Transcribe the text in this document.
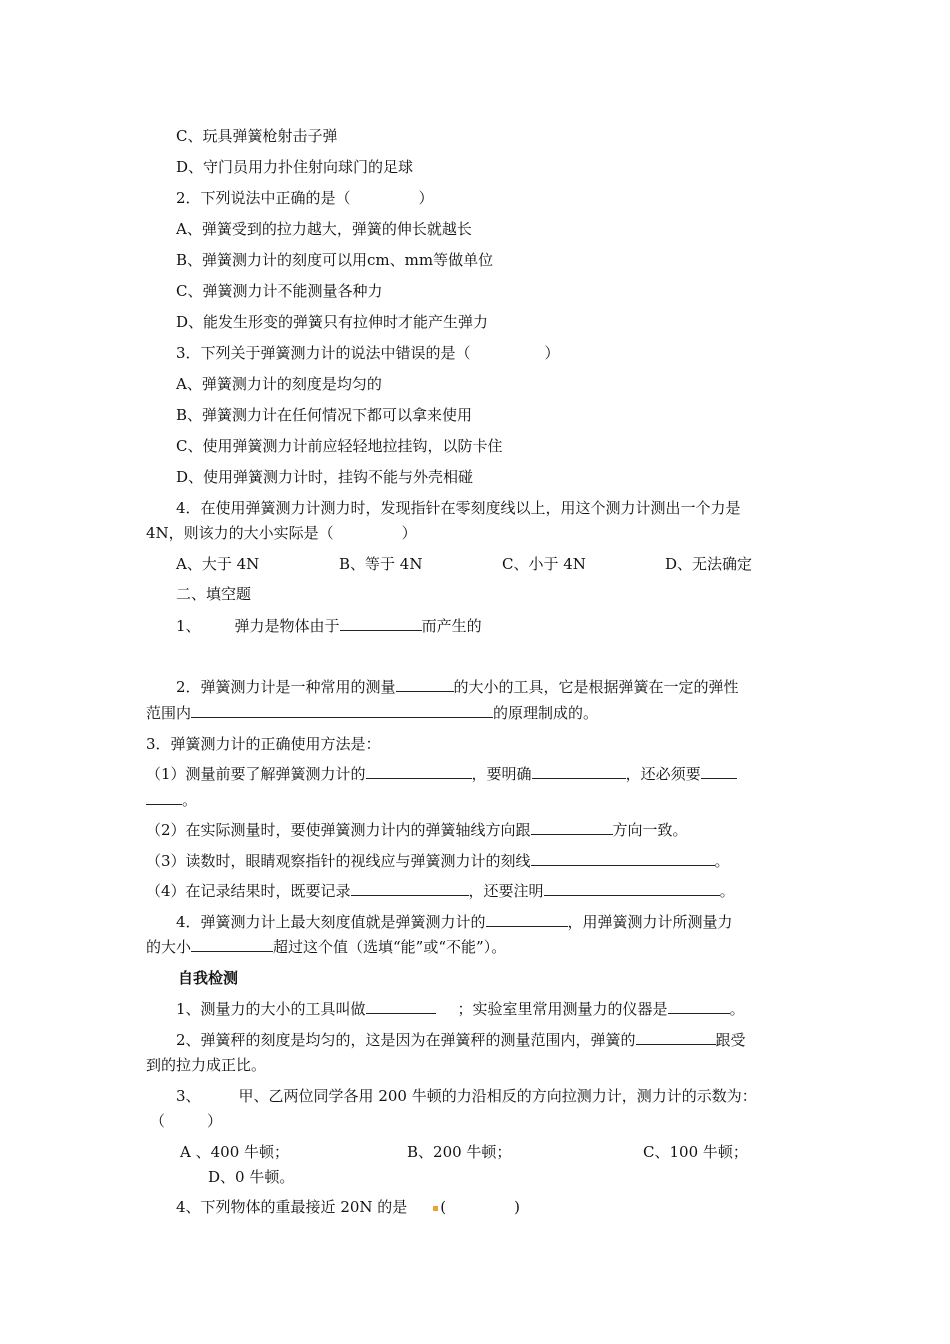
C、玩具弹簧枪射击子弹
D、守门员用力扑住射向球门的足球
2．下列说法中正确的是（	）
A、弹簧受到的拉力越大，弹簧的伸长就越长
B、弹簧测力计的刻度可以用cm、mm等做单位
C、弹簧测力计不能测量各种力
D、能发生形变的弹簧只有拉伸时才能产生弹力
3．下列关于弹簧测力计的说法中错误的是（	）
A、弹簧测力计的刻度是均匀的
B、弹簧测力计在任何情况下都可以拿来使用
C、使用弹簧测力计前应轻轻地拉挂钩，以防卡住
D、使用弹簧测力计时，挂钩不能与外壳相碰
4．在使用弹簧测力计测力时，发现指针在零刻度线以上，用这个测力计测出一个力是
4N，则该力的大小实际是（	）
A、大于 4N	B、等于 4N	C、小于 4N	D、无法确定
二、填空题
1、 弹力是物体由于	而产生的
2．弹簧测力计是一种常用的测量	的大小的工具，它是根据弹簧在一定的弹性
范围内	的原理制成的。
3．弹簧测力计的正确使用方法是：
（1）测量前要了解弹簧测力计的	，要明确	，还必须要
。
（2）在实际测量时，要使弹簧测力计内的弹簧轴线方向跟	方向一致。
（3）读数时，眼睛观察指针的视线应与弹簧测力计的刻线	。
（4）在记录结果时，既要记录	，还要注明	。
4．弹簧测力计上最大刻度值就是弹簧测力计的	，用弹簧测力计所测量力
的大小	超过这个值（选填“能”或“不能”）。
自我检测
1、测量力的大小的工具叫做	；实验室里常用测量力的仪器是	。
2、弹簧秤的刻度是均匀的，这是因为在弹簧秤的测量范围内，弹簧的	跟受
到的拉力成正比。
3、	甲、乙两位同学各用 200 牛顿的力沿相反的方向拉测力计，测力计的示数为：
（	）
A 、400 牛顿；	B、200 牛顿；	C、100 牛顿；
D、0 牛顿。
4、下列物体的重最接近 20N 的是 (	)
